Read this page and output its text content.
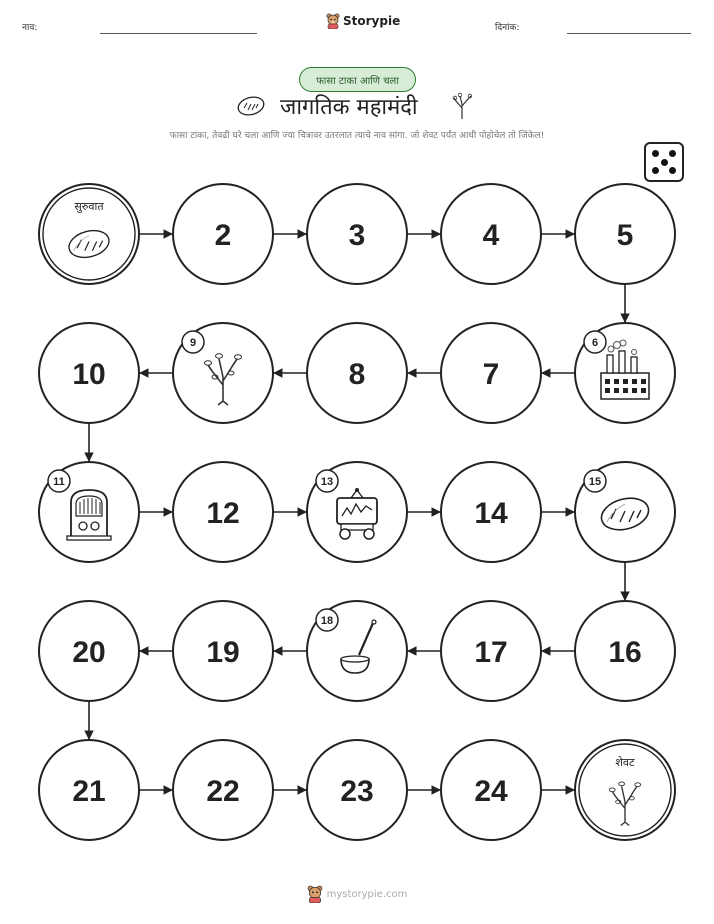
नाव:	Storypie	दिनांक:
फासा टाका आणि चला
जागतिक महामंदी
फासा टाका, तेवढी घरे चला आणि ज्या चित्रावर उतरलात त्याचे नाव सांगा. जो शेवट पर्यंत आधी पोहोचेल तो जिंकेल!
सुरुवात
2	3	4	5
6
7
8
9
10
11
12
13
14
15
16
17
18
19
20
21	22	23	24
शेवट
mystorypie.com
